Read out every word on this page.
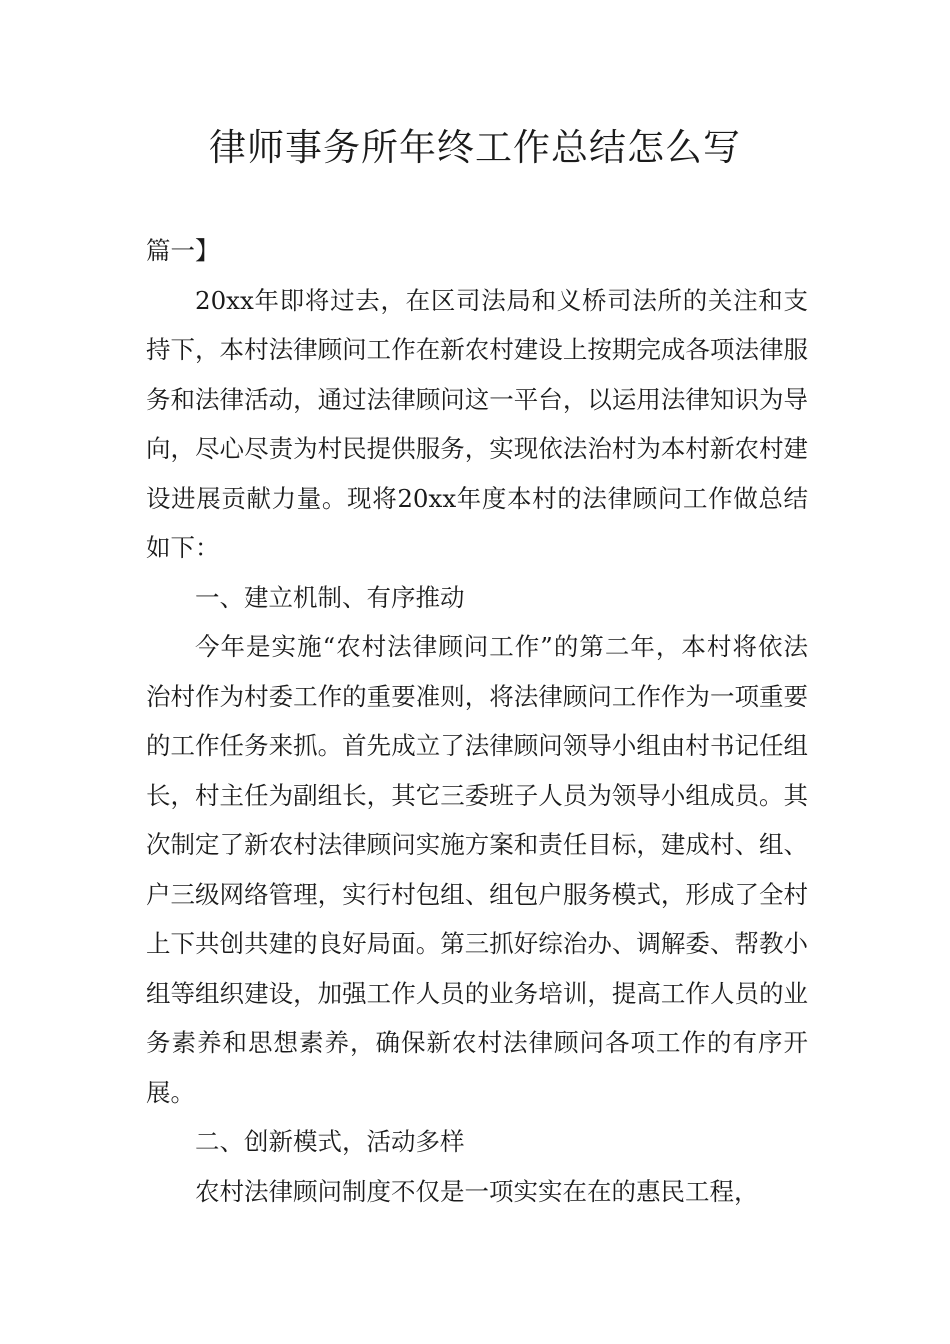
律师事务所年终工作总结怎么写

篇一】

20xx年即将过去，在区司法局和义桥司法所的关注和支持下，本村法律顾问工作在新农村建设上按期完成各项法律服务和法律活动，通过法律顾问这一平台，以运用法律知识为导向，尽心尽责为村民提供服务，实现依法治村为本村新农村建设进展贡献力量。现将20xx年度本村的法律顾问工作做总结如下：

一、建立机制、有序推动

今年是实施“农村法律顾问工作”的第二年，本村将依法治村作为村委工作的重要准则，将法律顾问工作作为一项重要的工作任务来抓。首先成立了法律顾问领导小组由村书记任组长，村主任为副组长，其它三委班子人员为领导小组成员。其次制定了新农村法律顾问实施方案和责任目标，建成村、组、户三级网络管理，实行村包组、组包户服务模式，形成了全村上下共创共建的良好局面。第三抓好综治办、调解委、帮教小组等组织建设，加强工作人员的业务培训，提高工作人员的业务素养和思想素养，确保新农村法律顾问各项工作的有序开展。

二、创新模式，活动多样

农村法律顾问制度不仅是一项实实在在的惠民工程，
